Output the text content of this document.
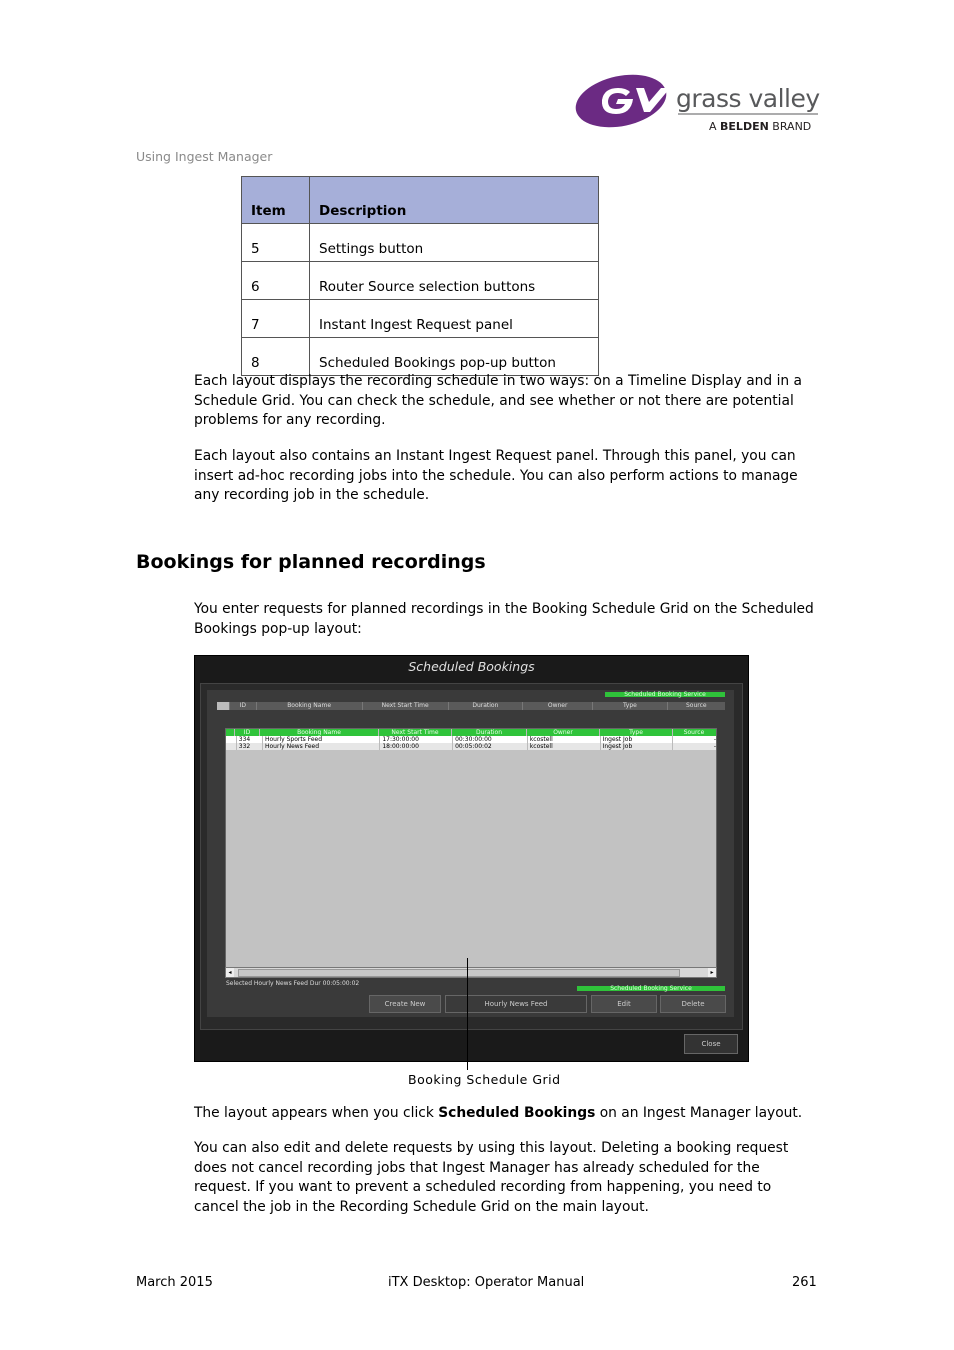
grass valley
A BELDEN BRAND
Using Ingest Manager
Item	Description
5	Settings button
6	Router Source selection buttons
7	Instant Ingest Request panel
8	Scheduled Bookings pop-up button
Each layout displays the recording schedule in two ways: on a Timeline Display and in a Schedule Grid. You can check the schedule, and see whether or not there are potential problems for any recording.
Each layout also contains an Instant Ingest Request panel. Through this panel, you can insert ad-hoc recording jobs into the schedule. You can also perform actions to manage any recording job in the schedule.
Bookings for planned recordings
You enter requests for planned recordings in the Booking Schedule Grid on the Scheduled Bookings pop-up layout:
Scheduled Bookings
Scheduled Booking Service
ID	Booking Name	Next Start Time	Duration	Owner	Type	Source
ID	Booking Name	Next Start Time	Duration	Owner	Type	Source
334	Hourly Sports Feed	17:30:00:00	00:30:00:00	kcostell	Ingest Job	-
332	Hourly News Feed	18:00:00:00	00:05:00:02	kcostell	Ingest Job	-
◂	▸
Selected Hourly News Feed Dur 00:05:00:02
Scheduled Booking Service
Create New	Hourly News Feed	Edit	Delete
Close
Booking Schedule Grid
The layout appears when you click Scheduled Bookings on an Ingest Manager layout.
You can also edit and delete requests by using this layout. Deleting a booking request does not cancel recording jobs that Ingest Manager has already scheduled for the request. If you want to prevent a scheduled recording from happening, you need to cancel the job in the Recording Schedule Grid on the main layout.
March 2015	iTX Desktop: Operator Manual	261
